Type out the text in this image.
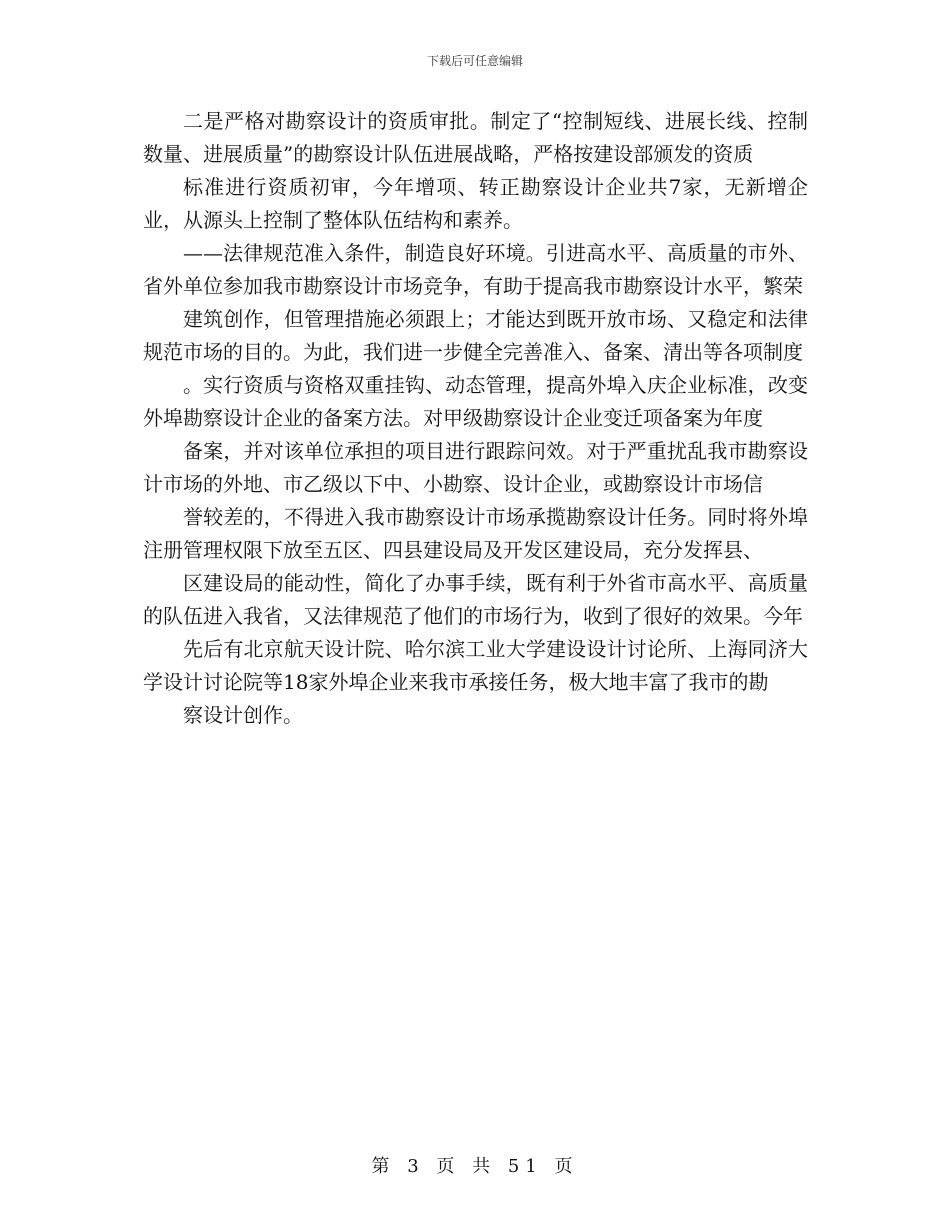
下载后可任意编辑

二是严格对勘察设计的资质审批。制定了“控制短线、进展长线、控制数量、进展质量”的勘察设计队伍进展战略，严格按建设部颁发的资质

标准进行资质初审，今年增项、转正勘察设计企业共7家，无新增企业，从源头上控制了整体队伍结构和素养。

——法律规范准入条件，制造良好环境。引进高水平、高质量的市外、省外单位参加我市勘察设计市场竞争，有助于提高我市勘察设计水平，繁荣

建筑创作，但管理措施必须跟上；才能达到既开放市场、又稳定和法律规范市场的目的。为此，我们进一步健全完善准入、备案、清出等各项制度

。实行资质与资格双重挂钩、动态管理，提高外埠入庆企业标准，改变外埠勘察设计企业的备案方法。对甲级勘察设计企业变迁项备案为年度

备案，并对该单位承担的项目进行跟踪问效。对于严重扰乱我市勘察设计市场的外地、市乙级以下中、小勘察、设计企业，或勘察设计市场信

誉较差的，不得进入我市勘察设计市场承揽勘察设计任务。同时将外埠注册管理权限下放至五区、四县建设局及开发区建设局，充分发挥县、

区建设局的能动性，简化了办事手续，既有利于外省市高水平、高质量的队伍进入我省，又法律规范了他们的市场行为，收到了很好的效果。今年

先后有北京航天设计院、哈尔滨工业大学建设设计讨论所、上海同济大学设计讨论院等18家外埠企业来我市承接任务，极大地丰富了我市的勘

察设计创作。

第 3 页 共 51 页
